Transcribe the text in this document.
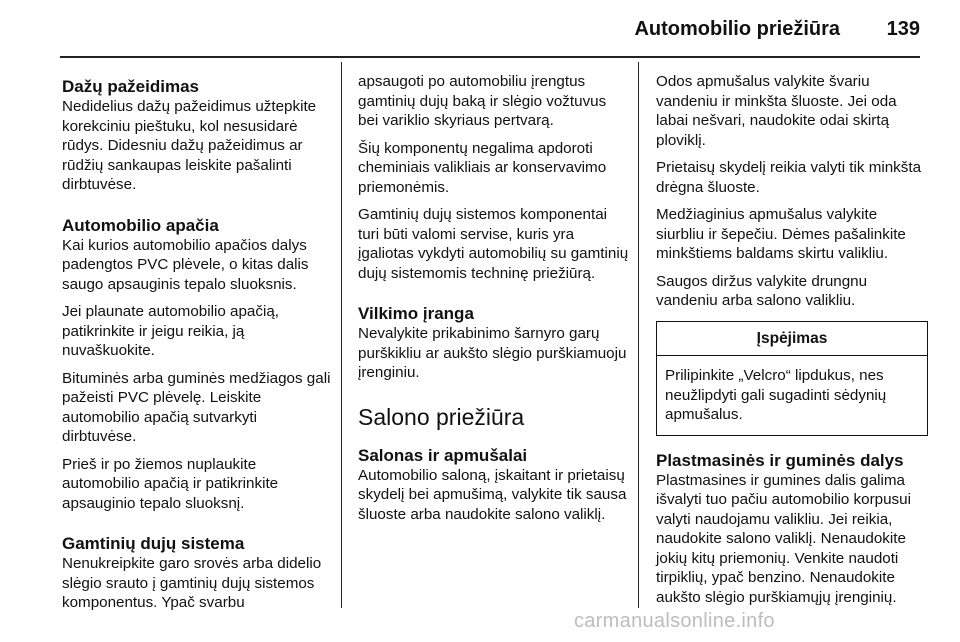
Automobilio priežiūra 139
Dažų pažeidimas
Nedidelius dažų pažeidimus užtepkite korekciniu pieštuku, kol nesusidarė rūdys. Didesniu dažų pažeidimus ar rūdžių sankaupas leiskite pašalinti dirbtuvėse.
Automobilio apačia
Kai kurios automobilio apačios dalys padengtos PVC plėvele, o kitas dalis saugo apsauginis tepalo sluoksnis.
Jei plaunate automobilio apačią, patikrinkite ir jeigu reikia, ją nuvaškuokite.
Bituminės arba guminės medžiagos gali pažeisti PVC plėvelę. Leiskite automobilio apačią sutvarkyti dirbtuvėse.
Prieš ir po žiemos nuplaukite automobilio apačią ir patikrinkite apsauginio tepalo sluoksnį.
Gamtinių dujų sistema
Nenukreipkite garo srovės arba didelio slėgio srauto į gamtinių dujų sistemos komponentus. Ypač svarbu
apsaugoti po automobiliu įrengtus gamtinių dujų baką ir slėgio vožtuvus bei variklio skyriaus pertvarą.
Šių komponentų negalima apdoroti cheminiais valikliais ar konservavimo priemonėmis.
Gamtinių dujų sistemos komponentai turi būti valomi servise, kuris yra įgaliotas vykdyti automobilių su gamtinių dujų sistemomis techninę priežiūrą.
Vilkimo įranga
Nevalykite prikabinimo šarnyro garų purškikliu ar aukšto slėgio purškiamuoju įrenginiu.
Salono priežiūra
Salonas ir apmušalai
Automobilio saloną, įskaitant ir prietaisų skydelį bei apmušimą, valykite tik sausa šluoste arba naudokite salono valiklį.
Odos apmušalus valykite švariu vandeniu ir minkšta šluoste. Jei oda labai nešvari, naudokite odai skirtą ploviklį.
Prietaisų skydelį reikia valyti tik minkšta drėgna šluoste.
Medžiaginius apmušalus valykite siurbliu ir šepečiu. Dėmes pašalinkite minkštiems baldams skirtu valikliu.
Saugos diržus valykite drungnu vandeniu arba salono valikliu.
Įspėjimas
Prilipinkite „Velcro“ lipdukus, nes neužlipdyti gali sugadinti sėdynių apmušalus.
Plastmasinės ir guminės dalys
Plastmasines ir gumines dalis galima išvalyti tuo pačiu automobilio korpusui valyti naudojamu valikliu. Jei reikia, naudokite salono valiklį. Nenaudokite jokių kitų priemonių. Venkite naudoti tirpiklių, ypač benzino. Nenaudokite aukšto slėgio purškiamųjų įrenginių.
carmanualsonline.info
